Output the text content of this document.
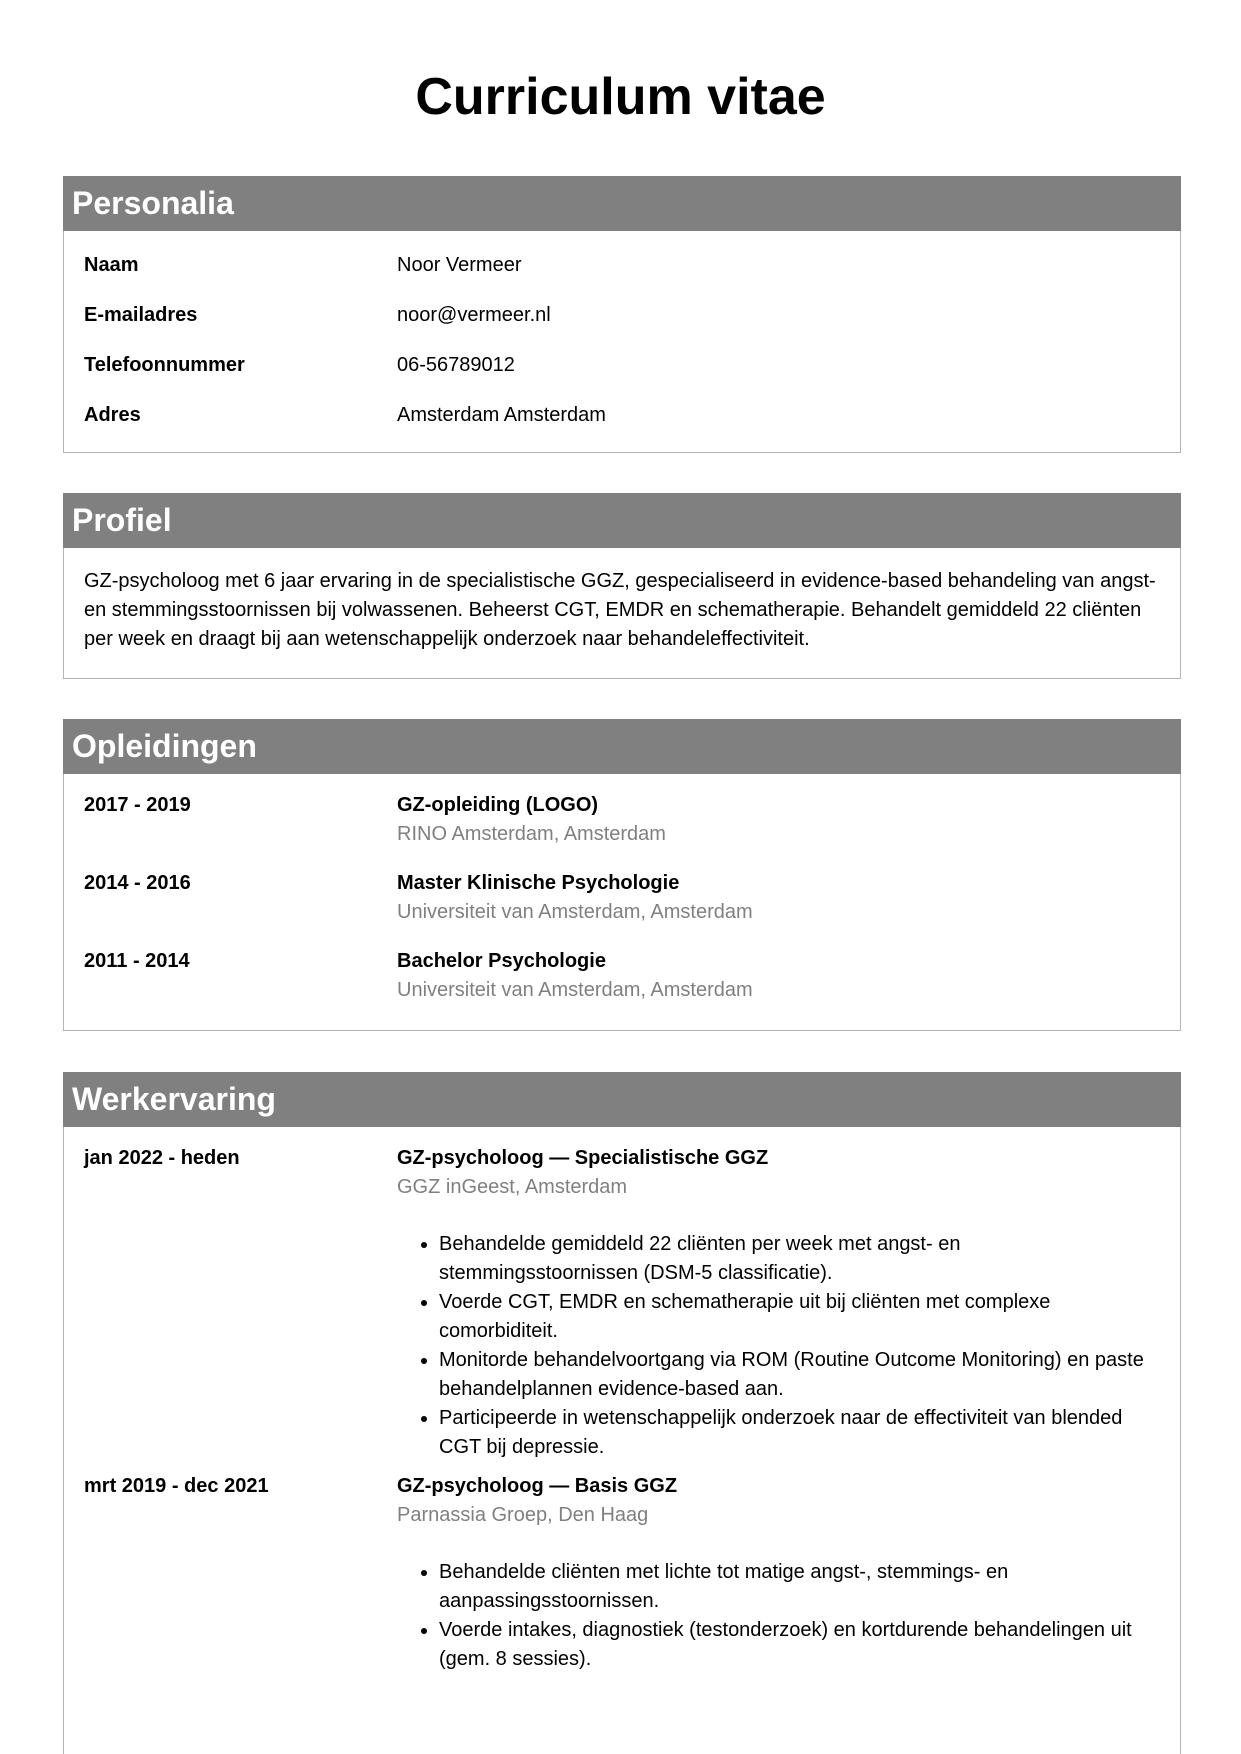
Curriculum vitae
Personalia
Naam	Noor Vermeer
E-mailadres	noor@vermeer.nl
Telefoonnummer	06-56789012
Adres	Amsterdam Amsterdam
Profiel

GZ-psycholoog met 6 jaar ervaring in de specialistische GGZ, gespecialiseerd in evidence-based behandeling van angst- en stemmingsstoornissen bij volwassenen. Beheerst CGT, EMDR en schematherapie. Behandelt gemiddeld 22 cliënten per week en draagt bij aan wetenschappelijk onderzoek naar behandeleffectiviteit.

Opleidingen
2017 - 2019	GZ-opleiding (LOGO)
RINO Amsterdam, Amsterdam
2014 - 2016	Master Klinische Psychologie
Universiteit van Amsterdam, Amsterdam
2011 - 2014	Bachelor Psychologie
Universiteit van Amsterdam, Amsterdam
Werkervaring
jan 2022 - heden	GZ-psycholoog — Specialistische GGZ
GGZ inGeest, Amsterdam
• Behandelde gemiddeld 22 cliënten per week met angst- en stemmingsstoornissen (DSM-5 classificatie).
• Voerde CGT, EMDR en schematherapie uit bij cliënten met complexe comorbiditeit.
• Monitorde behandelvoortgang via ROM (Routine Outcome Monitoring) en paste behandelplannen evidence-based aan.
• Participeerde in wetenschappelijk onderzoek naar de effectiviteit van blended CGT bij depressie.
mrt 2019 - dec 2021	GZ-psycholoog — Basis GGZ
Parnassia Groep, Den Haag
• Behandelde cliënten met lichte tot matige angst-, stemmings- en aanpassingsstoornissen.
• Voerde intakes, diagnostiek (testonderzoek) en kortdurende behandelingen uit (gem. 8 sessies).
